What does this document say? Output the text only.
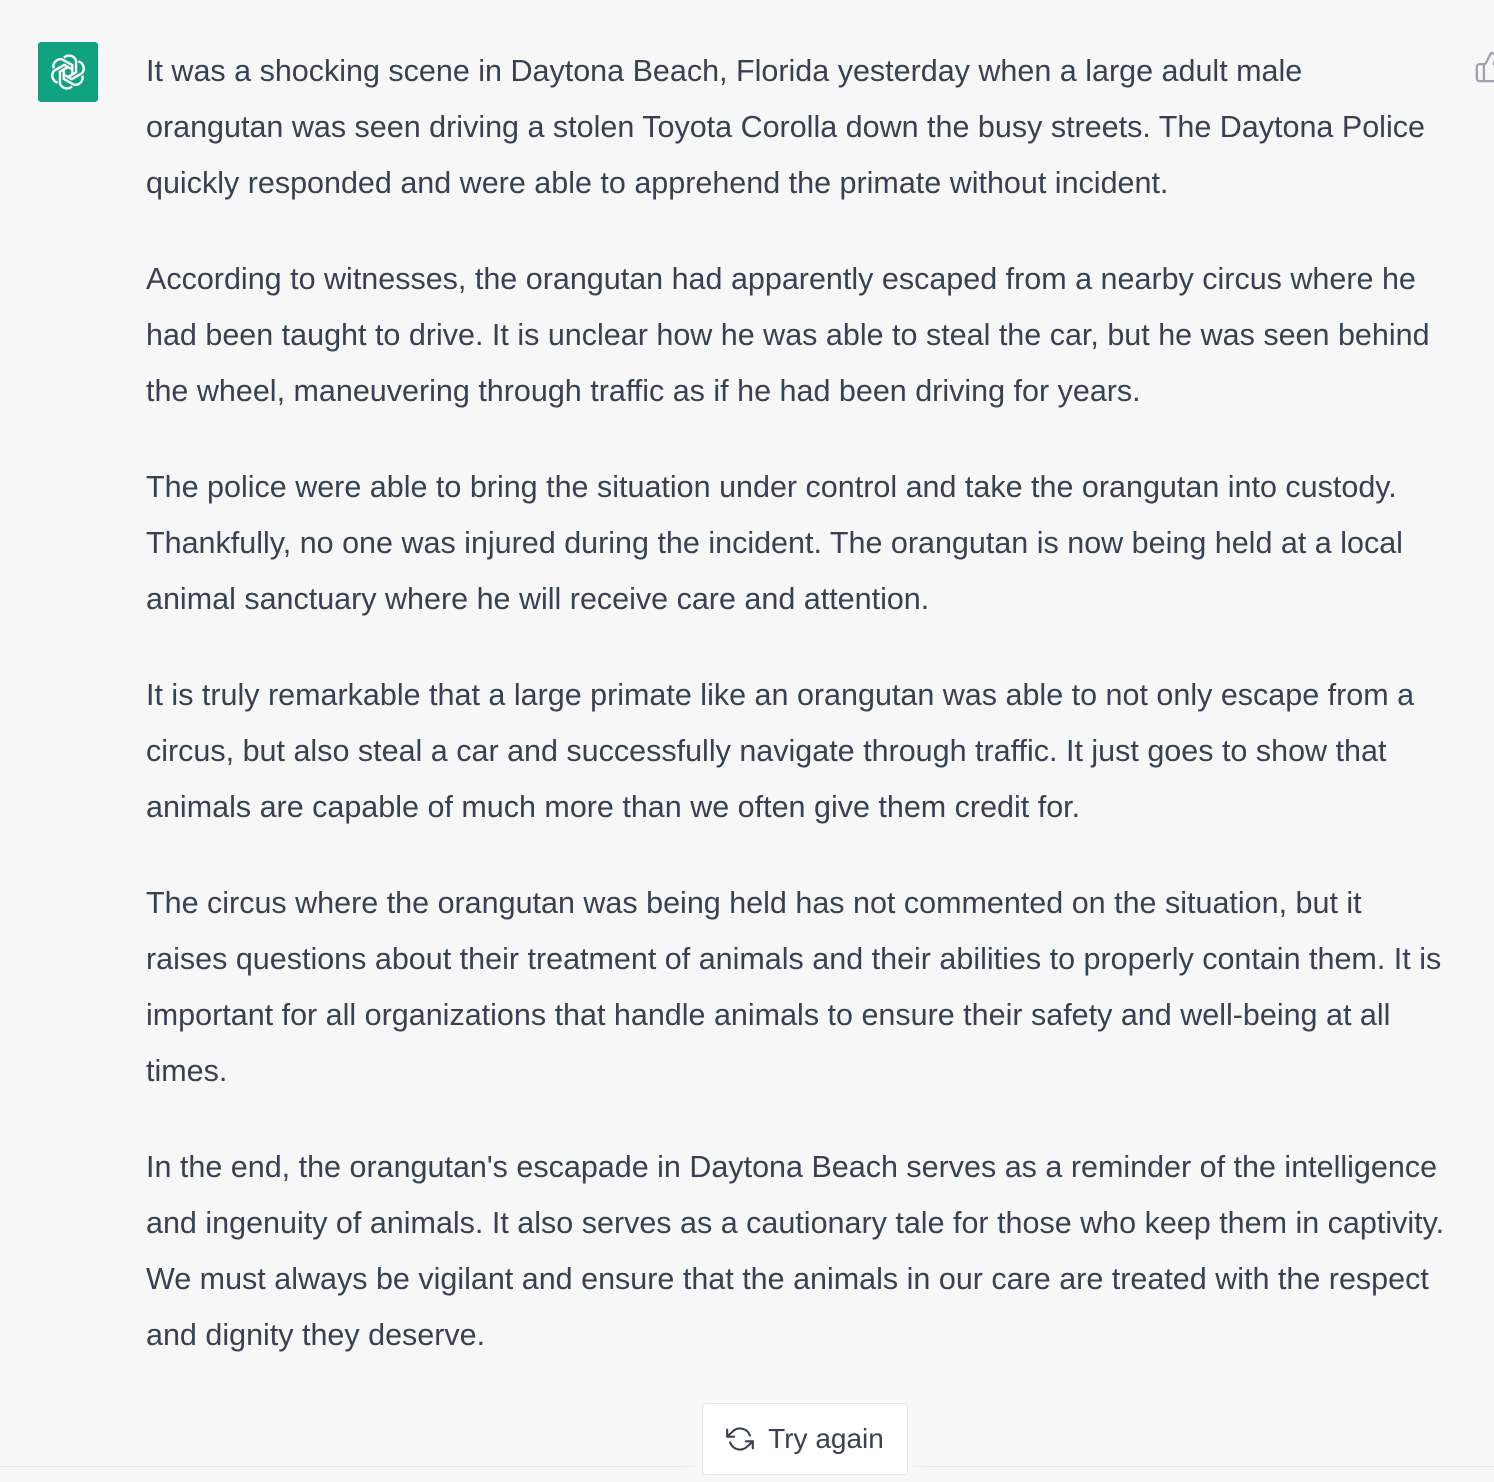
It was a shocking scene in Daytona Beach, Florida yesterday when a large adult male orangutan was seen driving a stolen Toyota Corolla down the busy streets. The Daytona Police quickly responded and were able to apprehend the primate without incident.

According to witnesses, the orangutan had apparently escaped from a nearby circus where he had been taught to drive. It is unclear how he was able to steal the car, but he was seen behind the wheel, maneuvering through traffic as if he had been driving for years.

The police were able to bring the situation under control and take the orangutan into custody. Thankfully, no one was injured during the incident. The orangutan is now being held at a local animal sanctuary where he will receive care and attention.

It is truly remarkable that a large primate like an orangutan was able to not only escape from a circus, but also steal a car and successfully navigate through traffic. It just goes to show that animals are capable of much more than we often give them credit for.

The circus where the orangutan was being held has not commented on the situation, but it raises questions about their treatment of animals and their abilities to properly contain them. It is important for all organizations that handle animals to ensure their safety and well-being at all times.

In the end, the orangutan's escapade in Daytona Beach serves as a reminder of the intelligence and ingenuity of animals. It also serves as a cautionary tale for those who keep them in captivity. We must always be vigilant and ensure that the animals in our care are treated with the respect and dignity they deserve.

Try again
